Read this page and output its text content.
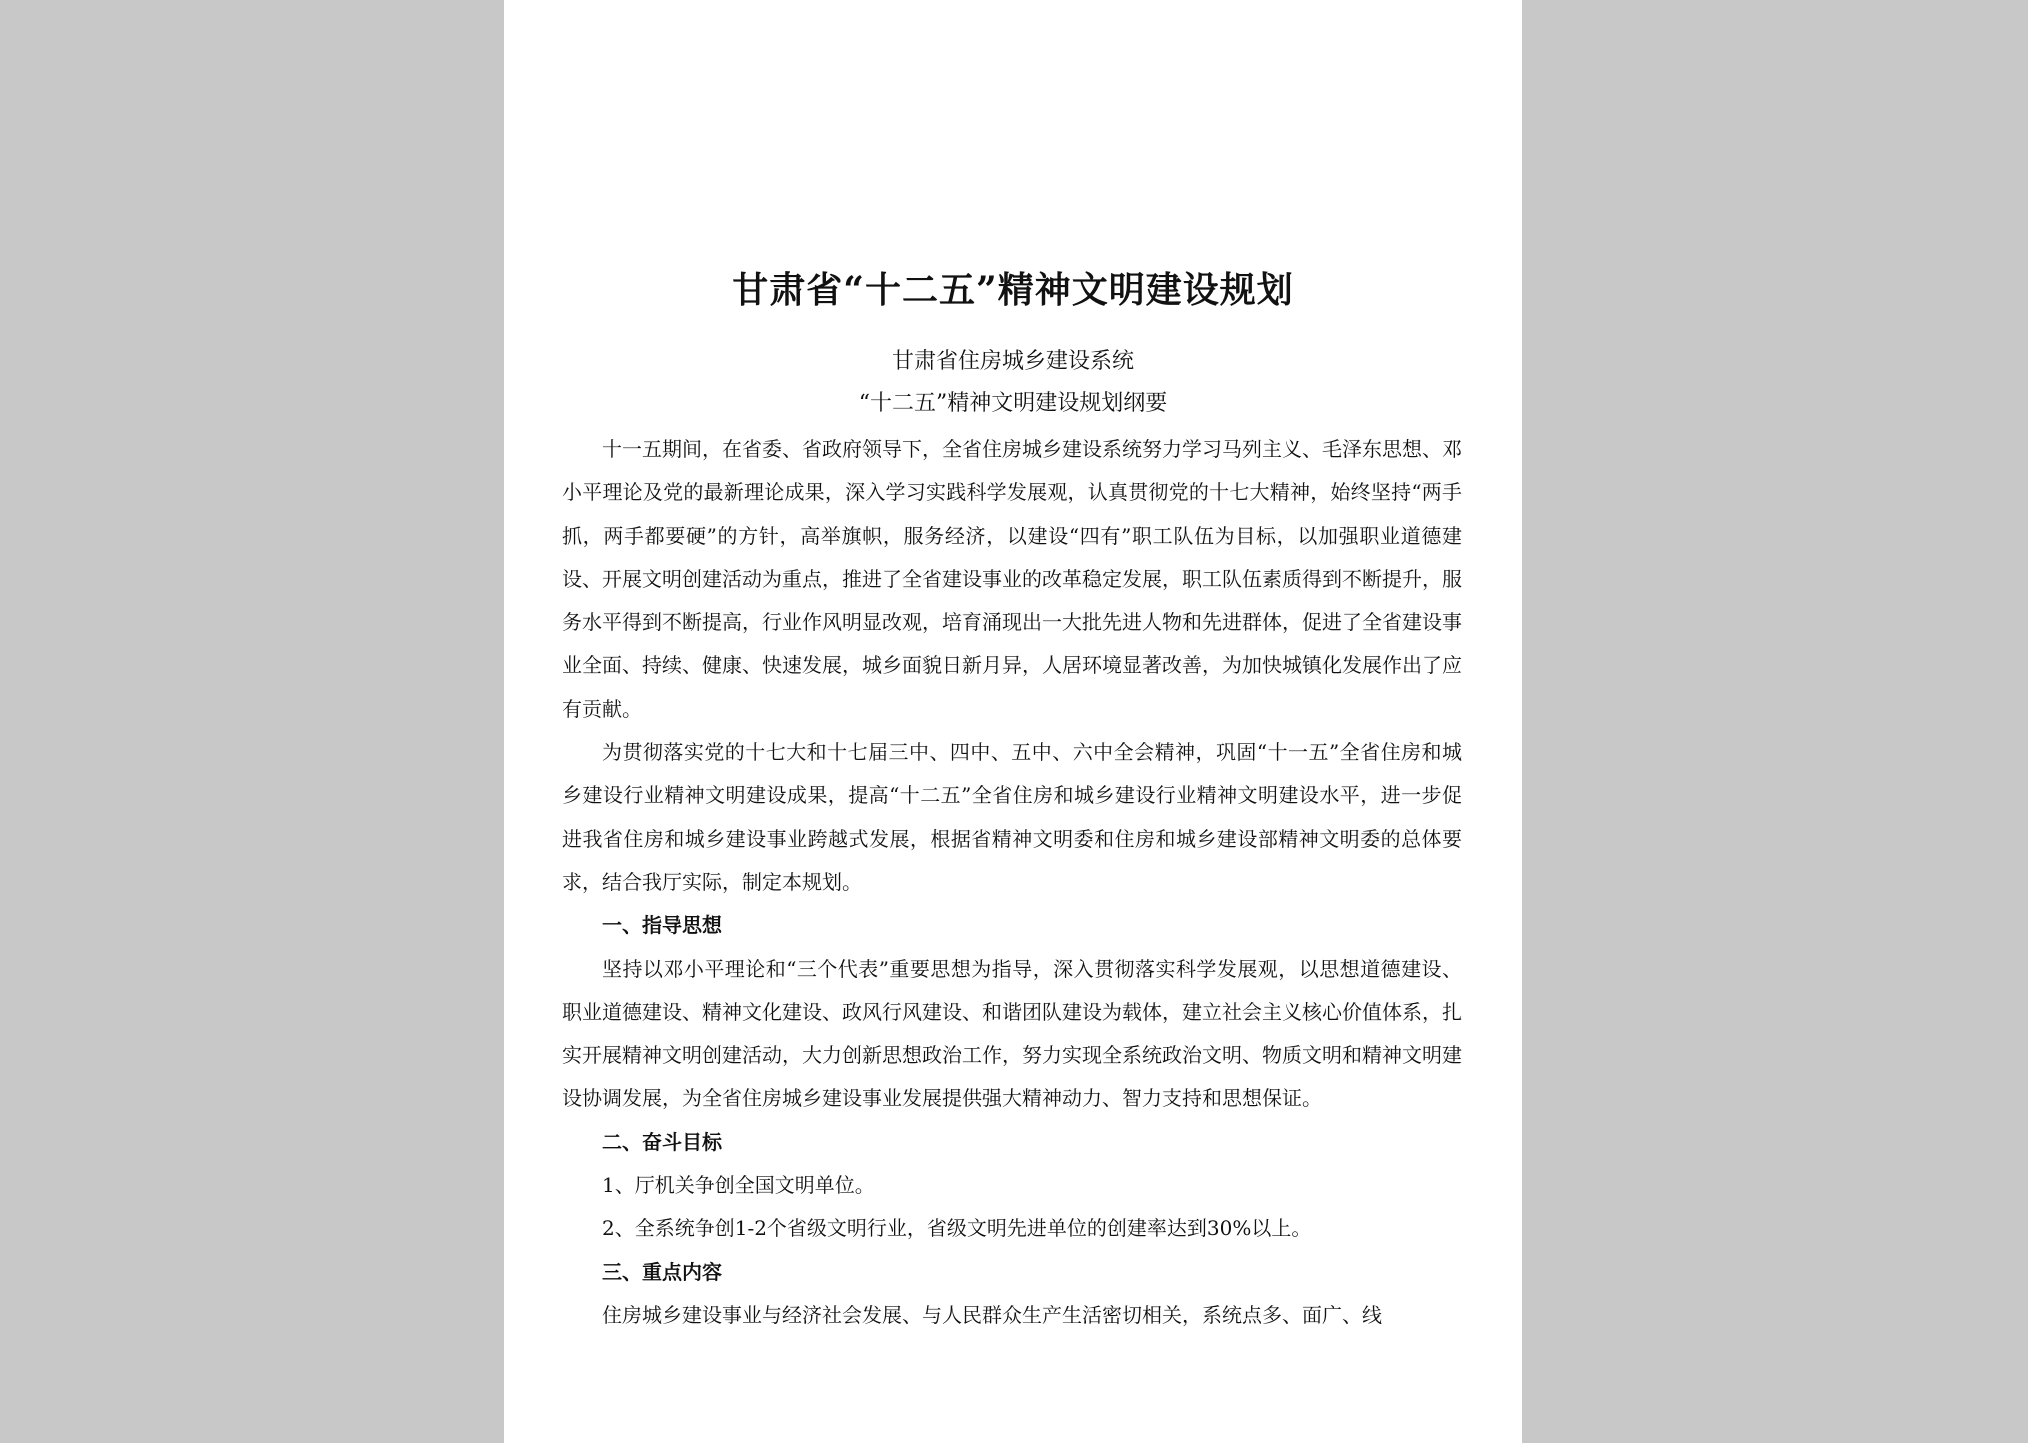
甘肃省“十二五”精神文明建设规划

甘肃省住房城乡建设系统

“十二五”精神文明建设规划纲要

十一五期间，在省委、省政府领导下，全省住房城乡建设系统努力学习马列主义、毛泽东思想、邓小平理论及党的最新理论成果，深入学习实践科学发展观，认真贯彻党的十七大精神，始终坚持“两手抓，两手都要硬”的方针，高举旗帜，服务经济，以建设“四有”职工队伍为目标，以加强职业道德建设、开展文明创建活动为重点，推进了全省建设事业的改革稳定发展，职工队伍素质得到不断提升，服务水平得到不断提高，行业作风明显改观，培育涌现出一大批先进人物和先进群体，促进了全省建设事业全面、持续、健康、快速发展，城乡面貌日新月异，人居环境显著改善，为加快城镇化发展作出了应有贡献。

为贯彻落实党的十七大和十七届三中、四中、五中、六中全会精神，巩固“十一五”全省住房和城乡建设行业精神文明建设成果，提高“十二五”全省住房和城乡建设行业精神文明建设水平，进一步促进我省住房和城乡建设事业跨越式发展，根据省精神文明委和住房和城乡建设部精神文明委的总体要求，结合我厅实际，制定本规划。

一、指导思想

坚持以邓小平理论和“三个代表”重要思想为指导，深入贯彻落实科学发展观，以思想道德建设、职业道德建设、精神文化建设、政风行风建设、和谐团队建设为载体，建立社会主义核心价值体系，扎实开展精神文明创建活动，大力创新思想政治工作，努力实现全系统政治文明、物质文明和精神文明建设协调发展，为全省住房城乡建设事业发展提供强大精神动力、智力支持和思想保证。

二、奋斗目标

1、厅机关争创全国文明单位。

2、全系统争创1-2个省级文明行业，省级文明先进单位的创建率达到30%以上。

三、重点内容

住房城乡建设事业与经济社会发展、与人民群众生产生活密切相关，系统点多、面广、线
